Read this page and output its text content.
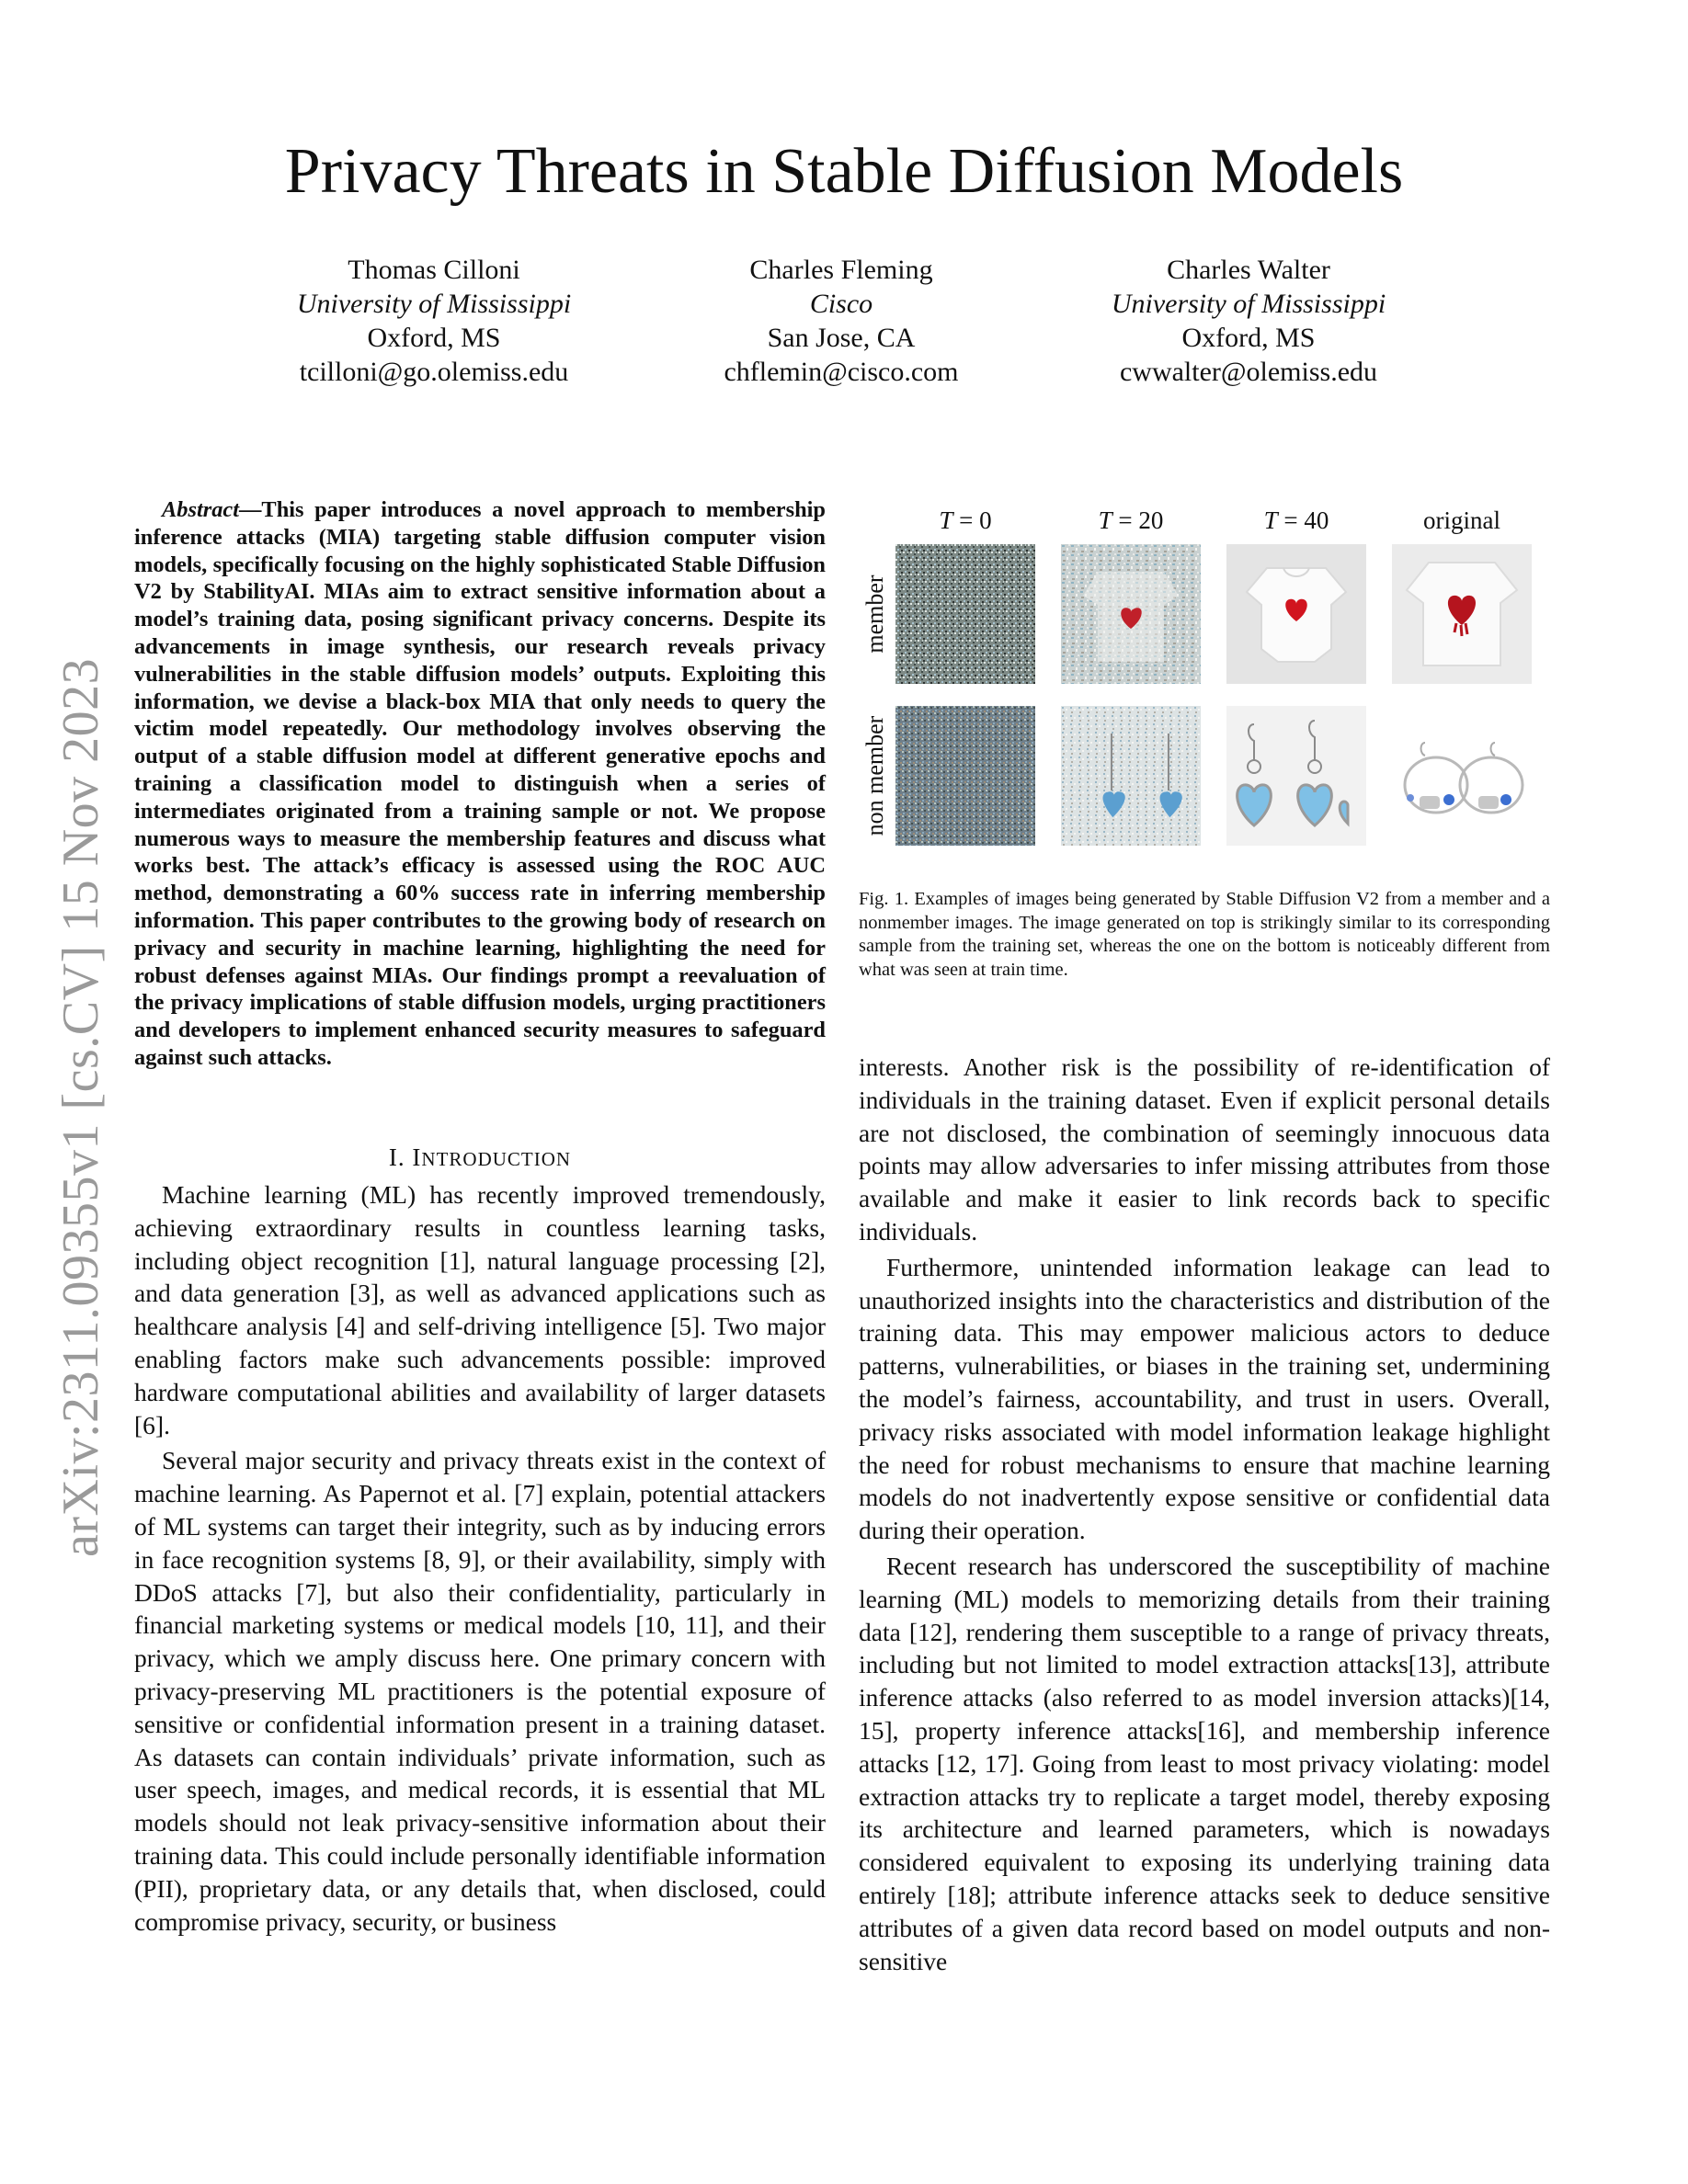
arXiv:2311.09355v1 [cs.CV] 15 Nov 2023
Privacy Threats in Stable Diffusion Models
Thomas Cilloni
University of Mississippi
Oxford, MS
tcilloni@go.olemiss.edu
Charles Fleming
Cisco
San Jose, CA
chflemin@cisco.com
Charles Walter
University of Mississippi
Oxford, MS
cwwalter@olemiss.edu
Abstract—This paper introduces a novel approach to membership inference attacks (MIA) targeting stable diffusion computer vision models, specifically focusing on the highly sophisticated Stable Diffusion V2 by StabilityAI. MIAs aim to extract sensitive information about a model’s training data, posing significant privacy concerns. Despite its advancements in image synthesis, our research reveals privacy vulnerabilities in the stable diffusion models’ outputs. Exploiting this information, we devise a black-box MIA that only needs to query the victim model repeatedly. Our methodology involves observing the output of a stable diffusion model at different generative epochs and training a classification model to distinguish when a series of intermediates originated from a training sample or not. We propose numerous ways to measure the membership features and discuss what works best. The attack’s efficacy is assessed using the ROC AUC method, demonstrating a 60% success rate in inferring membership information. This paper contributes to the growing body of research on privacy and security in machine learning, highlighting the need for robust defenses against MIAs. Our findings prompt a reevaluation of the privacy implications of stable diffusion models, urging practitioners and developers to implement enhanced security measures to safeguard against such attacks.
I. INTRODUCTION

Machine learning (ML) has recently improved tremendously, achieving extraordinary results in countless learning tasks, including object recognition [1], natural language processing [2], and data generation [3], as well as advanced applications such as healthcare analysis [4] and self-driving intelligence [5]. Two major enabling factors make such advancements possible: improved hardware computational abilities and availability of larger datasets [6].

Several major security and privacy threats exist in the context of machine learning. As Papernot et al. [7] explain, potential attackers of ML systems can target their integrity, such as by inducing errors in face recognition systems [8, 9], or their availability, simply with DDoS attacks [7], but also their confidentiality, particularly in financial marketing systems or medical models [10, 11], and their privacy, which we amply discuss here. One primary concern with privacy-preserving ML practitioners is the potential exposure of sensitive or confidential information present in a training dataset. As datasets can contain individuals’ private information, such as user speech, images, and medical records, it is essential that ML models should not leak privacy-sensitive information about their training data. This could include personally identifiable information (PII), proprietary data, or any details that, when disclosed, could compromise privacy, security, or business

T = 0	T = 20	T = 40	original
member
non member
Fig. 1. Examples of images being generated by Stable Diffusion V2 from a member and a nonmember images. The image generated on top is strikingly similar to its corresponding sample from the training set, whereas the one on the bottom is noticeably different from what was seen at train time.

interests. Another risk is the possibility of re-identification of individuals in the training dataset. Even if explicit personal details are not disclosed, the combination of seemingly innocuous data points may allow adversaries to infer missing attributes from those available and make it easier to link records back to specific individuals.

Furthermore, unintended information leakage can lead to unauthorized insights into the characteristics and distribution of the training data. This may empower malicious actors to deduce patterns, vulnerabilities, or biases in the training set, undermining the model’s fairness, accountability, and trust in users. Overall, privacy risks associated with model information leakage highlight the need for robust mechanisms to ensure that machine learning models do not inadvertently expose sensitive or confidential data during their operation.

Recent research has underscored the susceptibility of machine learning (ML) models to memorizing details from their training data [12], rendering them susceptible to a range of privacy threats, including but not limited to model extraction attacks[13], attribute inference attacks (also referred to as model inversion attacks)[14, 15], property inference attacks[16], and membership inference attacks [12, 17]. Going from least to most privacy violating: model extraction attacks try to replicate a target model, thereby exposing its architecture and learned parameters, which is nowadays considered equivalent to exposing its underlying training data entirely [18]; attribute inference attacks seek to deduce sensitive attributes of a given data record based on model outputs and non-sensitive
